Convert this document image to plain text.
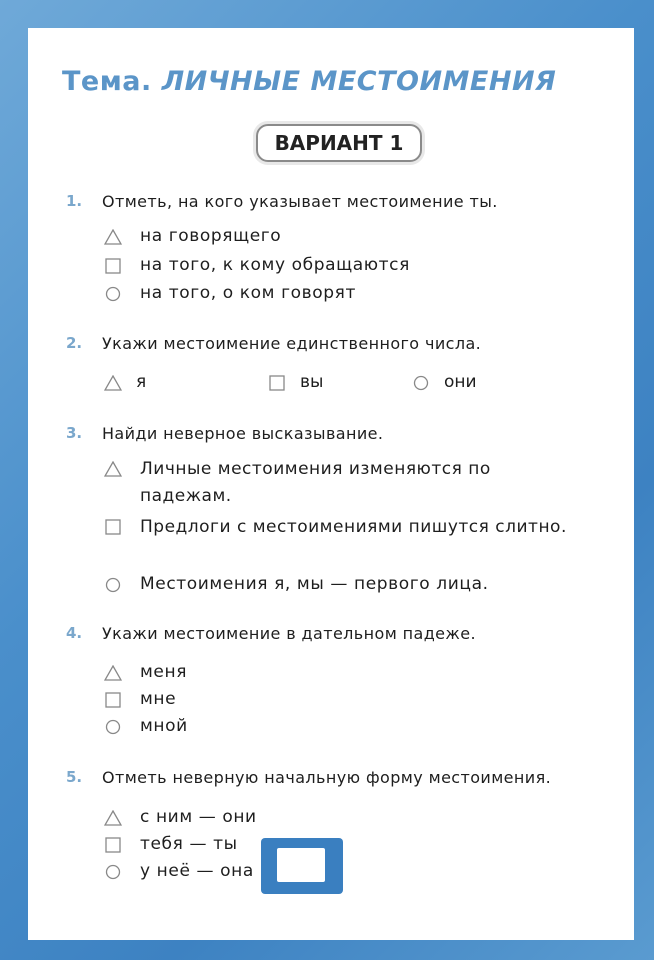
Тема. ЛИЧНЫЕ МЕСТОИМЕНИЯ
ВАРИАНТ 1
1. Отметь, на кого указывает местоимение ты.
на говорящего
на того, к кому обращаются
на того, о ком говорят
2. Укажи местоимение единственного числа.
я	вы	они
3. Найди неверное высказывание.
Личные местоимения изменяются по падежам.
Предлоги с местоимениями пишутся слитно.
Местоимения я, мы — первого лица.
4. Укажи местоимение в дательном падеже.
меня
мне
мной
5. Отметь неверную начальную форму местоимения.
с ним — они
тебя — ты
у неё — она
